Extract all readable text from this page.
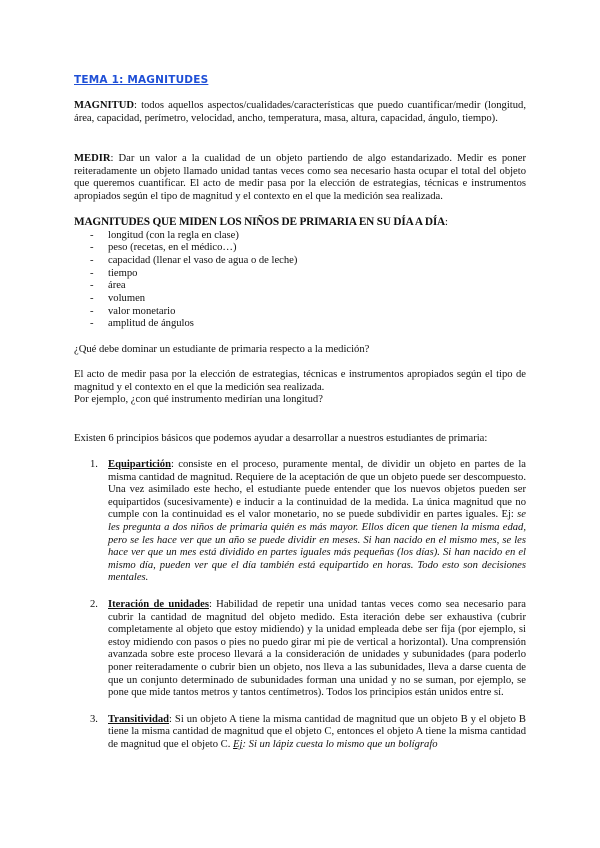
TEMA 1: MAGNITUDES

MAGNITUD: todos aquellos aspectos/cualidades/características que puedo cuantificar/medir (longitud, área, capacidad, perímetro, velocidad, ancho, temperatura, masa, altura, capacidad, ángulo, tiempo).

MEDIR: Dar un valor a la cualidad de un objeto partiendo de algo estandarizado. Medir es poner reiteradamente un objeto llamado unidad tantas veces como sea necesario hasta ocupar el total del objeto que queremos cuantificar. El acto de medir pasa por la elección de estrategias, técnicas e instrumentos apropiados según el tipo de magnitud y el contexto en el que la medición sea realizada.

MAGNITUDES QUE MIDEN LOS NIÑOS DE PRIMARIA EN SU DÍA A DÍA:
- longitud (con la regla en clase)
- peso (recetas, en el médico…)
- capacidad (llenar el vaso de agua o de leche)
- tiempo
- área
- volumen
- valor monetario
- amplitud de ángulos

¿Qué debe dominar un estudiante de primaria respecto a la medición?

El acto de medir pasa por la elección de estrategias, técnicas e instrumentos apropiados según el tipo de magnitud y el contexto en el que la medición sea realizada.
Por ejemplo, ¿con qué instrumento medirían una longitud?

Existen 6 principios básicos que podemos ayudar a desarrollar a nuestros estudiantes de primaria:

1. Equipartición: consiste en el proceso, puramente mental, de dividir un objeto en partes de la misma cantidad de magnitud. Requiere de la aceptación de que un objeto puede ser descompuesto. Una vez asimilado este hecho, el estudiante puede entender que los nuevos objetos pueden ser equipartidos (sucesivamente) e inducir a la continuidad de la medida. La única magnitud que no cumple con la continuidad es el valor monetario, no se puede subdividir en partes iguales. Ej: se les pregunta a dos niños de primaria quién es más mayor. Ellos dicen que tienen la misma edad, pero se les hace ver que un año se puede dividir en meses. Si han nacido en el mismo mes, se les hace ver que un mes está dividido en partes iguales más pequeñas (los días). Si han nacido en el mismo día, pueden ver que el día también está equipartido en horas. Todo esto son decisiones mentales.
2. Iteración de unidades: Habilidad de repetir una unidad tantas veces como sea necesario para cubrir la cantidad de magnitud del objeto medido. Esta iteración debe ser exhaustiva (cubrir completamente al objeto que estoy midiendo) y la unidad empleada debe ser fija (por ejemplo, si estoy midiendo con pasos o pies no puedo girar mi pie de vertical a horizontal). Una comprensión avanzada sobre este proceso llevará a la consideración de unidades y subunidades (para poderlo poner reiteradamente o cubrir bien un objeto, nos lleva a las subunidades, lleva a darse cuenta de que un conjunto determinado de subunidades forman una unidad y no se suman, por ejemplo, se pone que mide tantos metros y tantos centímetros). Todos los principios están unidos entre sí.
3. Transitividad: Si un objeto A tiene la misma cantidad de magnitud que un objeto B y el objeto B tiene la misma cantidad de magnitud que el objeto C, entonces el objeto A tiene la misma cantidad de magnitud que el objeto C. Ej: Si un lápiz cuesta lo mismo que un bolígrafo
